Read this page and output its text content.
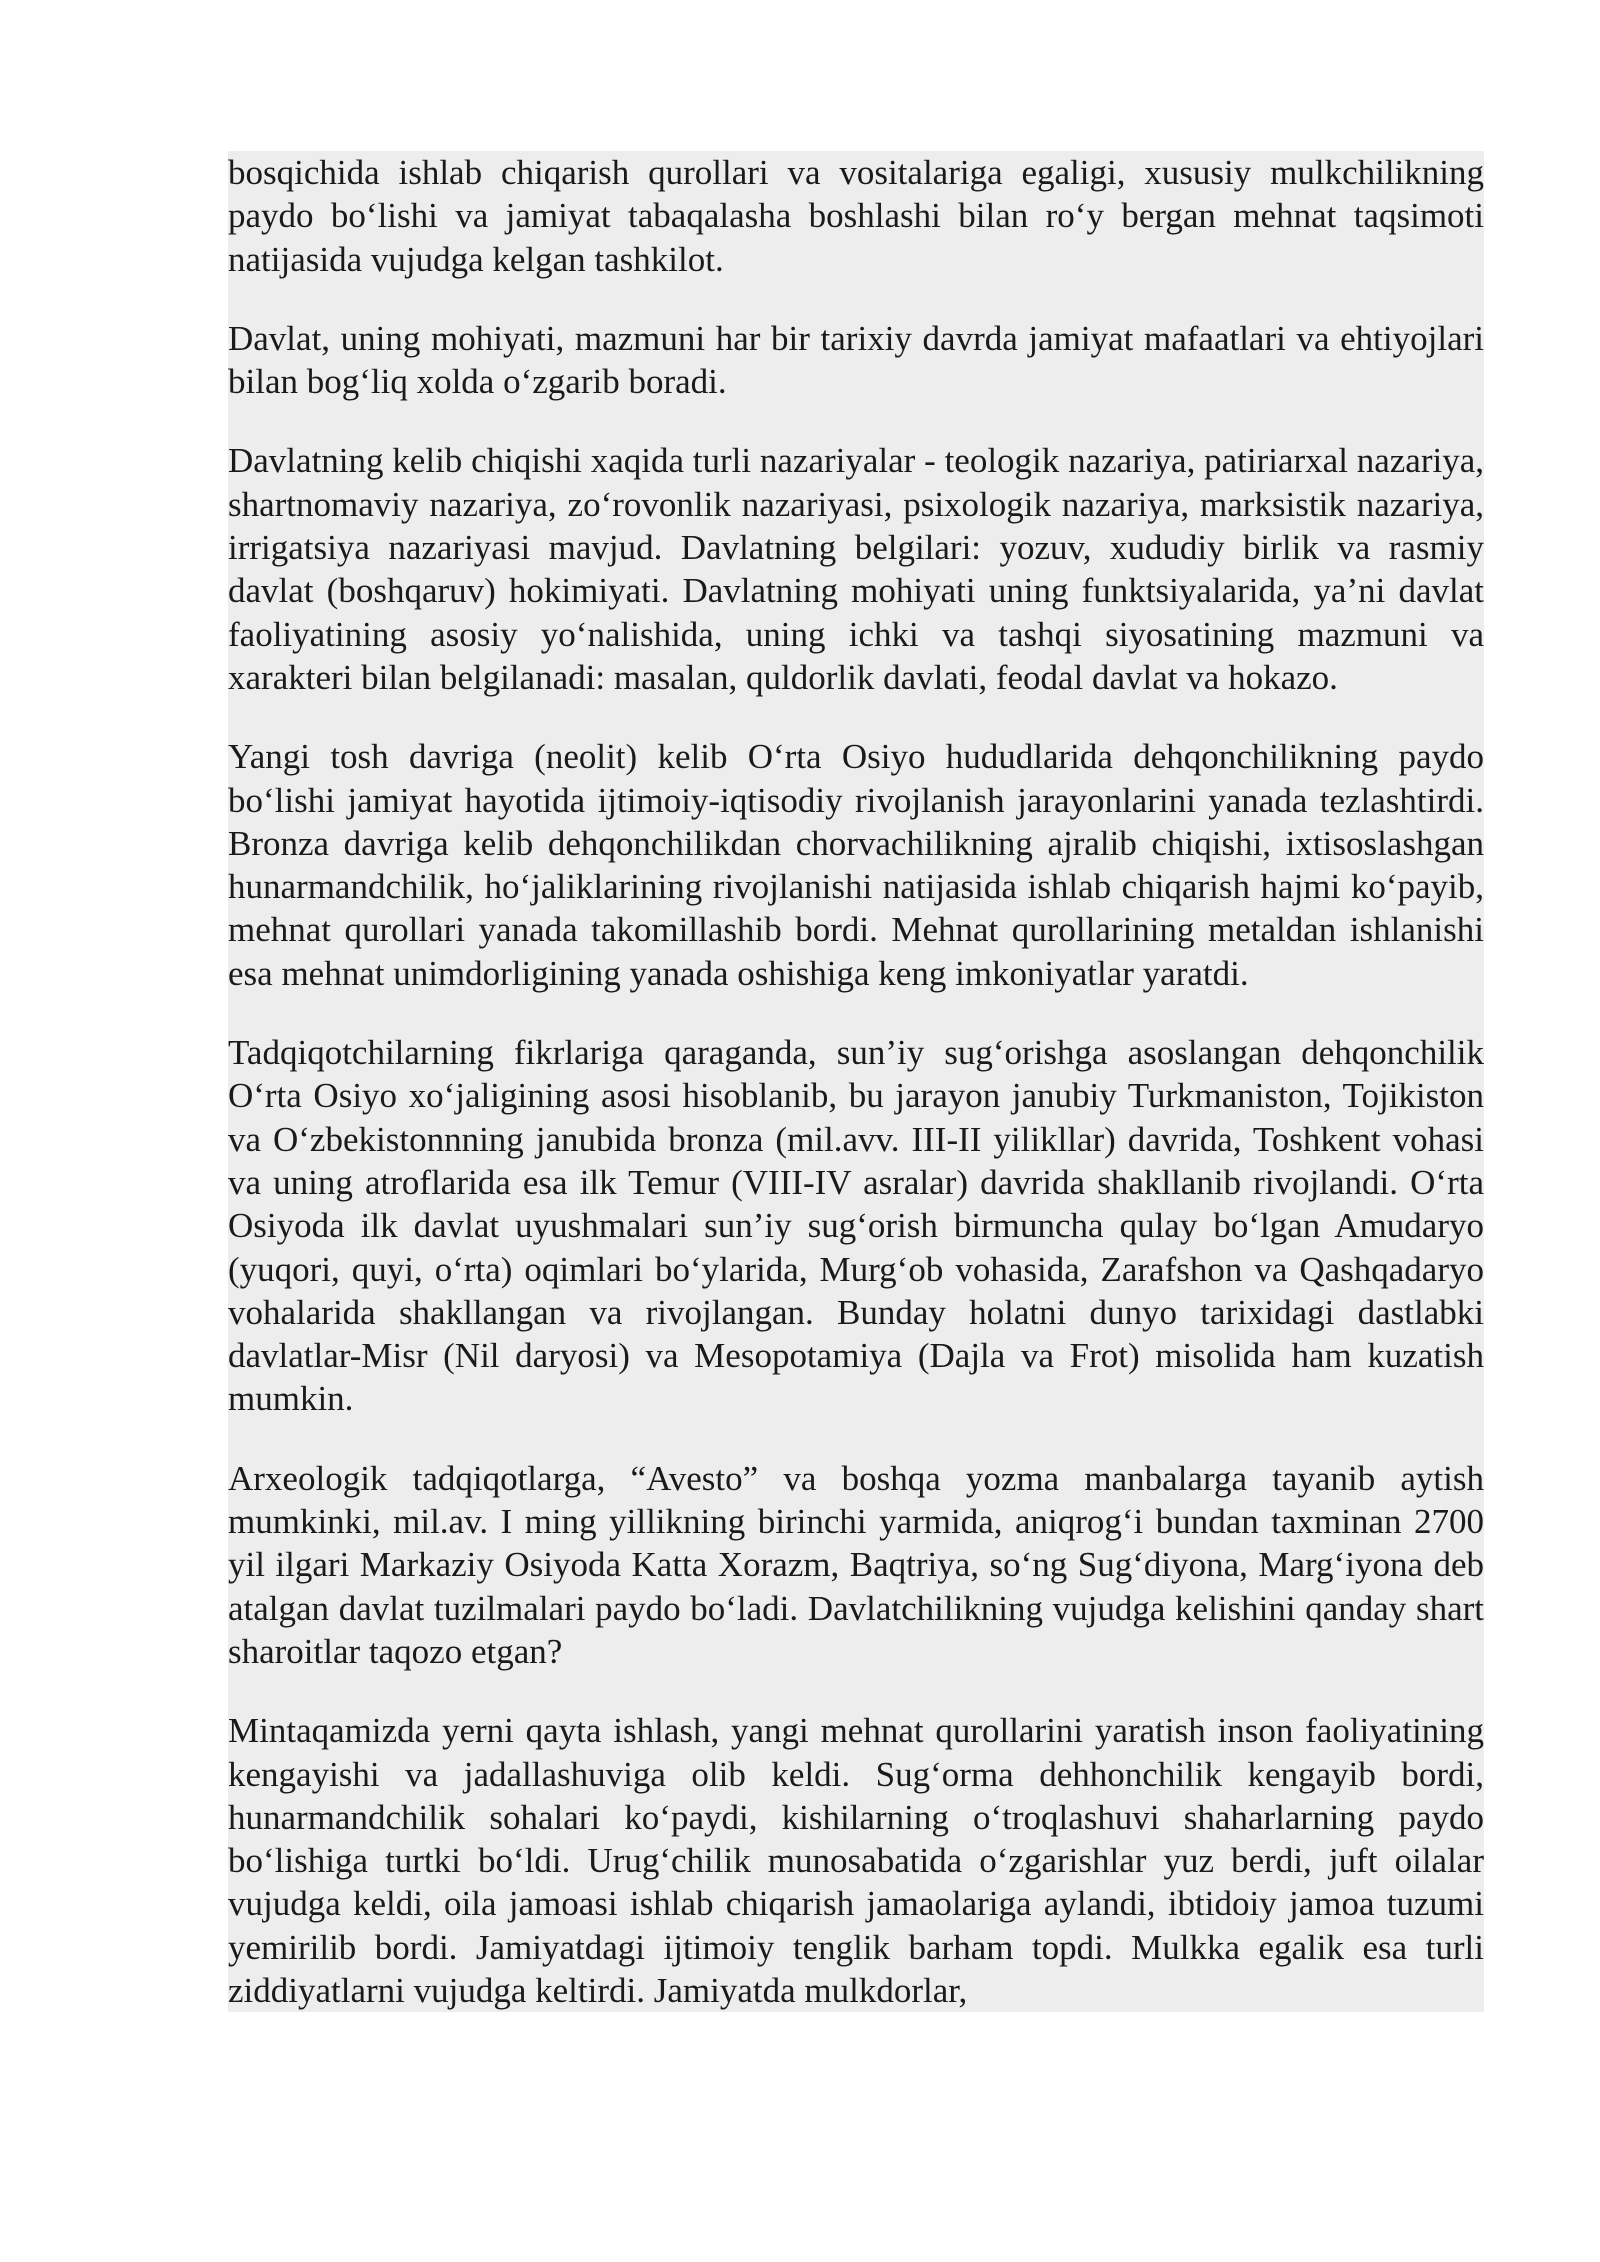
bosqichida ishlab chiqarish qurollari va vositalariga egaligi, xususiy mulkchilikning paydo bo‘lishi va jamiyat tabaqalasha boshlashi bilan ro‘y bergan mehnat taqsimoti natijasida vujudga kelgan tashkilot.

Davlat, uning mohiyati, mazmuni har bir tarixiy davrda jamiyat mafaatlari va ehtiyojlari bilan bog‘liq xolda o‘zgarib boradi.

Davlatning kelib chiqishi xaqida turli nazariyalar - teologik nazariya, patiriarxal nazariya, shartnomaviy nazariya, zo‘rovonlik nazariyasi, psixologik nazariya, marksistik nazariya, irrigatsiya nazariyasi mavjud. Davlatning belgilari: yozuv, xududiy birlik va rasmiy davlat (boshqaruv) hokimiyati. Davlatning mohiyati uning funktsiyalarida, ya’ni davlat faoliyatining asosiy yo‘nalishida, uning ichki va tashqi siyosatining mazmuni va xarakteri bilan belgilanadi: masalan, quldorlik davlati, feodal davlat va hokazo.

Yangi tosh davriga (neolit) kelib O‘rta Osiyo hududlarida dehqonchilikning paydo bo‘lishi jamiyat hayotida ijtimoiy-iqtisodiy rivojlanish jarayonlarini yanada tezlashtirdi. Bronza davriga kelib dehqonchilikdan chorvachilikning ajralib chiqishi, ixtisoslashgan hunarmandchilik, ho‘jaliklarining rivojlanishi natijasida ishlab chiqarish hajmi ko‘payib, mehnat qurollari yanada takomillashib bordi. Mehnat qurollarining metaldan ishlanishi esa mehnat unimdorligining yanada oshishiga keng imkoniyatlar yaratdi.

Tadqiqotchilarning fikrlariga qaraganda, sun’iy sug‘orishga asoslangan dehqonchilik O‘rta Osiyo xo‘jaligining asosi hisoblanib, bu jarayon janubiy Turkmaniston, Tojikiston va O‘zbekistonnning janubida bronza (mil.avv. III-II yilikllar) davrida, Toshkent vohasi va uning atroflarida esa ilk Temur (VIII-IV asralar) davrida shakllanib rivojlandi. O‘rta Osiyoda ilk davlat uyushmalari sun’iy sug‘orish birmuncha qulay bo‘lgan Amudaryo (yuqori, quyi, o‘rta) oqimlari bo‘ylarida, Murg‘ob vohasida, Zarafshon va Qashqadaryo vohalarida shakllangan va rivojlangan. Bunday holatni dunyo tarixidagi dastlabki davlatlar-Misr (Nil daryosi) va Mesopotamiya (Dajla va Frot) misolida ham kuzatish mumkin.

Arxeologik tadqiqotlarga, “Avesto” va boshqa yozma manbalarga tayanib aytish mumkinki, mil.av. I ming yillikning birinchi yarmida, aniqrog‘i bundan taxminan 2700 yil ilgari Markaziy Osiyoda Katta Xorazm, Baqtriya, so‘ng Sug‘diyona, Marg‘iyona deb atalgan davlat tuzilmalari paydo bo‘ladi. Davlatchilikning vujudga kelishini qanday shart sharoitlar taqozo etgan?

Mintaqamizda yerni qayta ishlash, yangi mehnat qurollarini yaratish inson faoliyatining kengayishi va jadallashuviga olib keldi. Sug‘orma dehhonchilik kengayib bordi, hunarmandchilik sohalari ko‘paydi, kishilarning o‘troqlashuvi shaharlarning paydo bo‘lishiga turtki bo‘ldi. Urug‘chilik munosabatida o‘zgarishlar yuz berdi, juft oilalar vujudga keldi, oila jamoasi ishlab chiqarish jamaolariga aylandi, ibtidoiy jamoa tuzumi yemirilib bordi. Jamiyatdagi ijtimoiy tenglik barham topdi. Mulkka egalik esa turli ziddiyatlarni vujudga keltirdi. Jamiyatda mulkdorlar,
